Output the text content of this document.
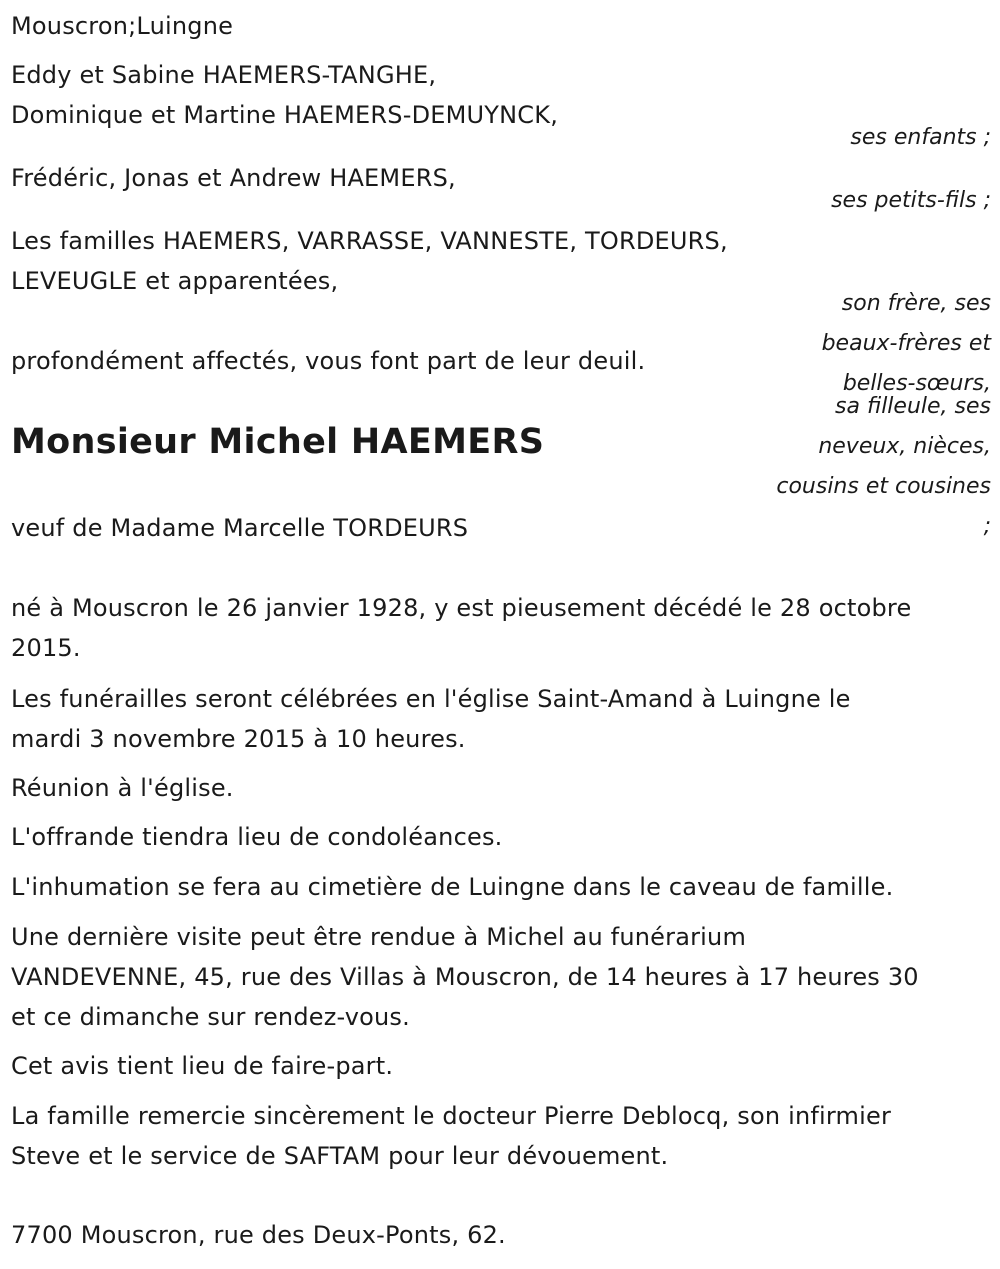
Mouscron;Luingne

Eddy et Sabine HAEMERS-TANGHE,

Dominique et Martine HAEMERS-DEMUYNCK,

ses enfants ;

Frédéric, Jonas et Andrew HAEMERS,

ses petits-fils ;

Les familles HAEMERS, VARRASSE, VANNESTE, TORDEURS,

LEVEUGLE et apparentées,

son frère, ses

beaux-frères et

belles-sœurs,

sa filleule, ses

neveux, nièces,

cousins et cousines

;

profondément affectés, vous font part de leur deuil.

Monsieur Michel HAEMERS

veuf de Madame Marcelle TORDEURS

né à Mouscron le 26 janvier 1928, y est pieusement décédé le 28 octobre

2015.

Les funérailles seront célébrées en l'église Saint-Amand à Luingne le

mardi 3 novembre 2015 à 10 heures.

Réunion à l'église.

L'offrande tiendra lieu de condoléances.

L'inhumation se fera au cimetière de Luingne dans le caveau de famille.

Une dernière visite peut être rendue à Michel au funérarium

VANDEVENNE, 45, rue des Villas à Mouscron, de 14 heures à 17 heures 30

et ce dimanche sur rendez-vous.

Cet avis tient lieu de faire-part.

La famille remercie sincèrement le docteur Pierre Deblocq, son infirmier

Steve et le service de SAFTAM pour leur dévouement.

7700 Mouscron, rue des Deux-Ponts, 62.
